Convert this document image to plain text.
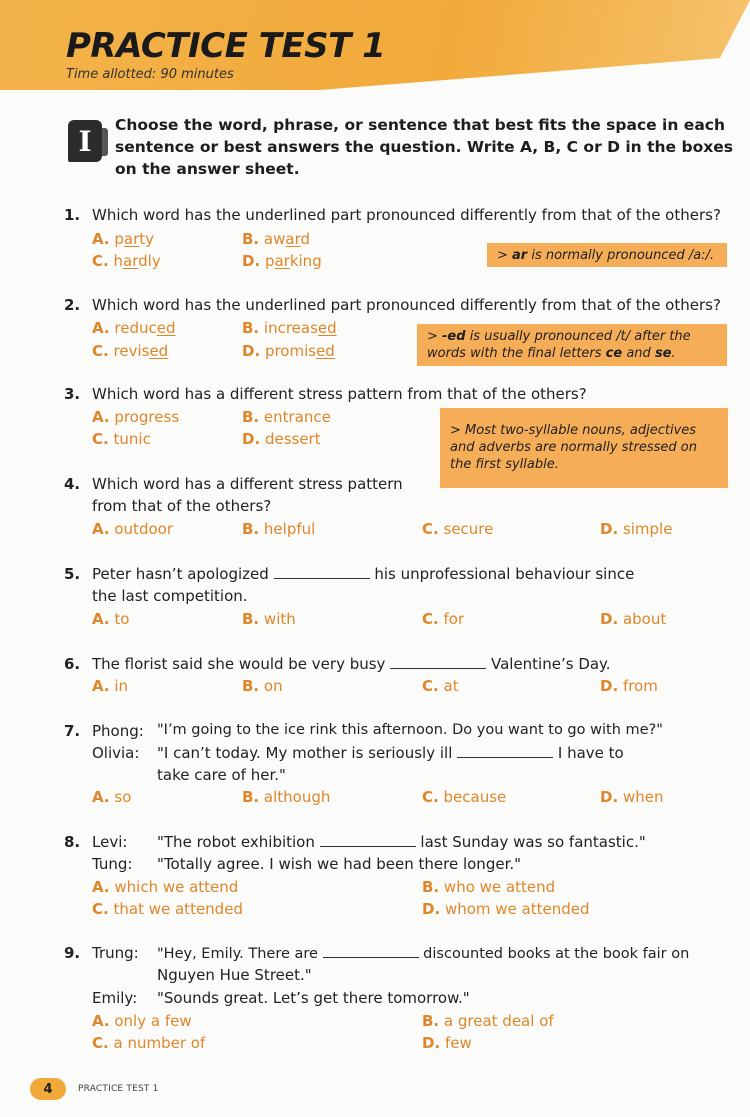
PRACTICE TEST 1
Time allotted: 90 minutes
I	Choose the word, phrase, or sentence that best fits the space in each sentence or best answers the question. Write A, B, C or D in the boxes on the answer sheet.
1. Which word has the underlined part pronounced differently from that of the others?
A. party	B. award
C. hardly	D. parking	> ar is normally pronounced /a:/.
2. Which word has the underlined part pronounced differently from that of the others?
A. reduced	B. increased
C. revised	D. promised
> -ed is usually pronounced /t/ after the
words with the final letters ce and se.
3. Which word has a different stress pattern from that of the others?
A. progress	B. entrance
C. tunic	D. dessert	> Most two-syllable nouns, adjectives
and adverbs are normally stressed on
the first syllable.
4. Which word has a different stress pattern
from that of the others?
A. outdoor	B. helpful	C. secure	D. simple
5. Peter hasn’t apologized	his unprofessional behaviour since
the last competition.
A. to	B. with	C. for	D. about
6. The florist said she would be very busy	Valentine’s Day.
A. in	B. on	C. at	D. from
7. Phong: "I’m going to the ice rink this afternoon. Do you want to go with me?"
Olivia: "I can’t today. My mother is seriously ill	I have to
take care of her."
A. so	B. although	C. because	D. when
8. Levi: "The robot exhibition	last Sunday was so fantastic."
Tung: "Totally agree. I wish we had been there longer."
A. which we attend	B. who we attend
C. that we attended	D. whom we attended
9. Trung: "Hey, Emily. There are	discounted books at the book fair on
Nguyen Hue Street."
Emily: "Sounds great. Let’s get there tomorrow."
A. only a few	B. a great deal of
C. a number of	D. few
4	PRACTICE TEST 1
